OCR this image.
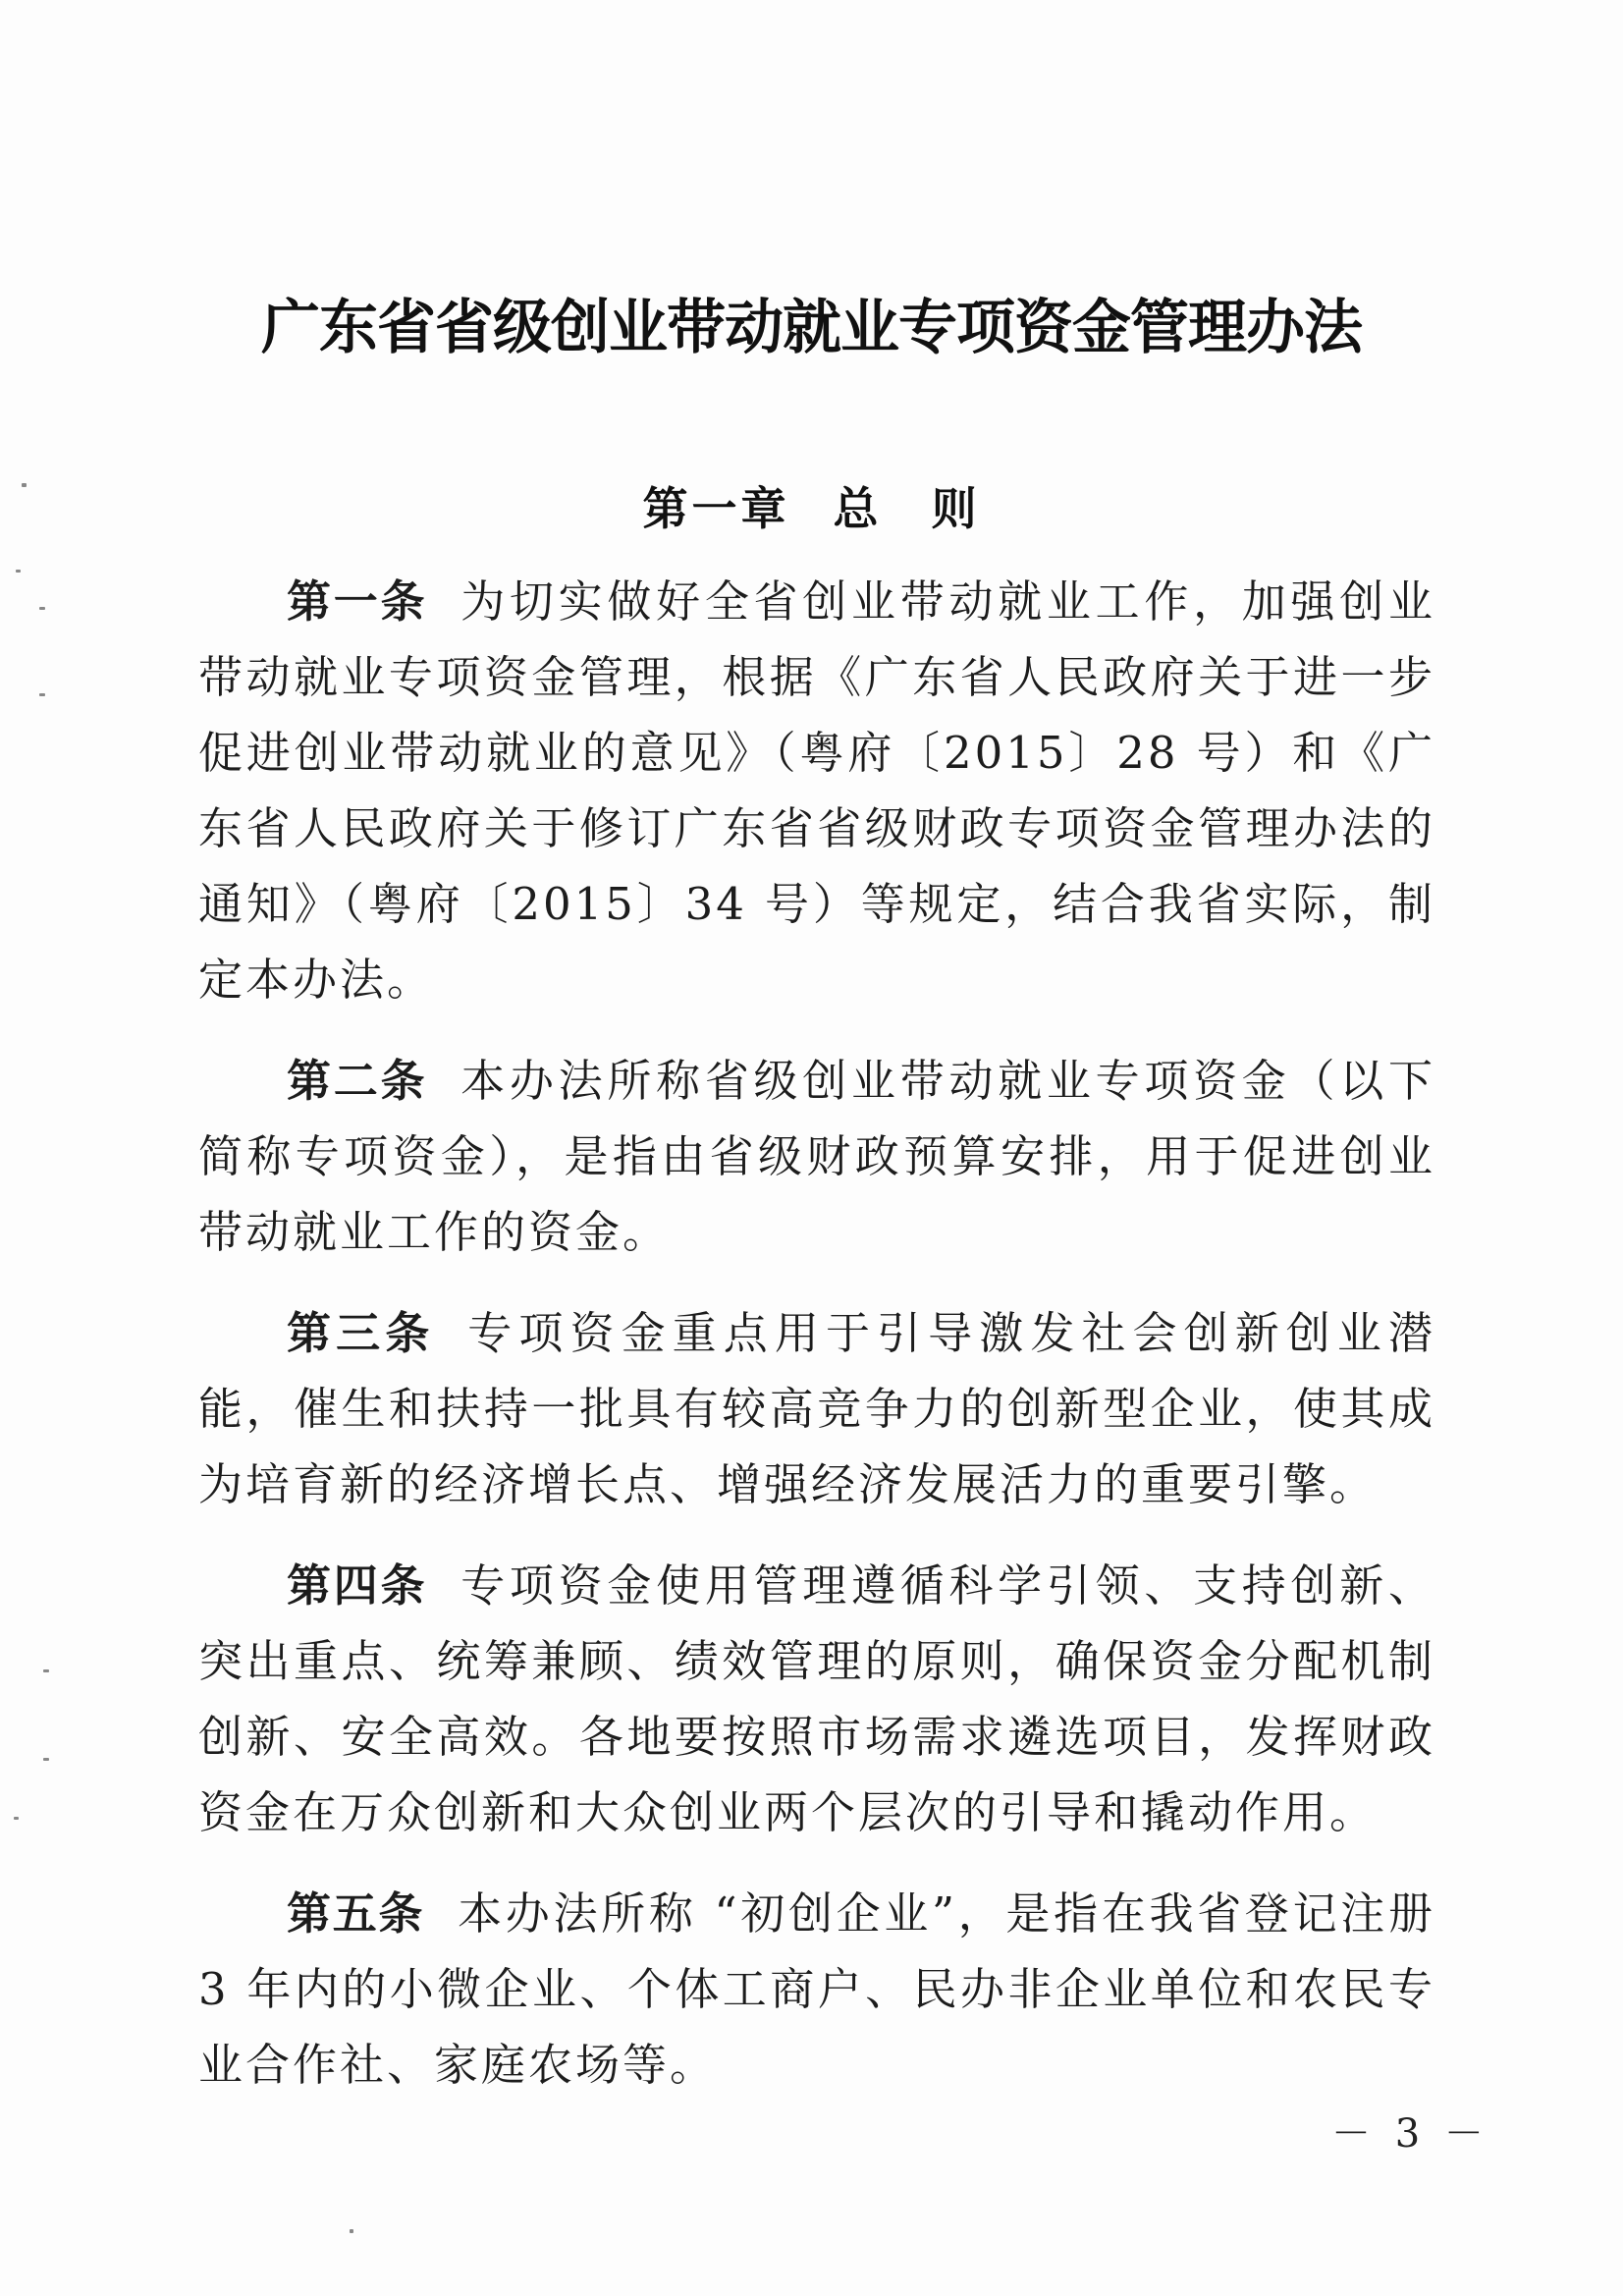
广东省省级创业带动就业专项资金管理办法
第一章 总　则

第一条 为切实做好全省创业带动就业工作，加强创业带动就业专项资金管理，根据《广东省人民政府关于进一步促进创业带动就业的意见》（粤府〔2015〕28 号）和《广东省人民政府关于修订广东省省级财政专项资金管理办法的通知》（粤府〔2015〕34 号）等规定，结合我省实际，制定本办法。

第二条 本办法所称省级创业带动就业专项资金（以下简称专项资金），是指由省级财政预算安排，用于促进创业带动就业工作的资金。

第三条 专项资金重点用于引导激发社会创新创业潜能，催生和扶持一批具有较高竞争力的创新型企业，使其成为培育新的经济增长点、增强经济发展活力的重要引擎。

第四条 专项资金使用管理遵循科学引领、支持创新、突出重点、统筹兼顾、绩效管理的原则，确保资金分配机制创新、安全高效。各地要按照市场需求遴选项目，发挥财政资金在万众创新和大众创业两个层次的引导和撬动作用。

第五条 本办法所称 “初创企业”，是指在我省登记注册 3 年内的小微企业、个体工商户、民办非企业单位和农民专业合作社、家庭农场等。

－ 3 －
